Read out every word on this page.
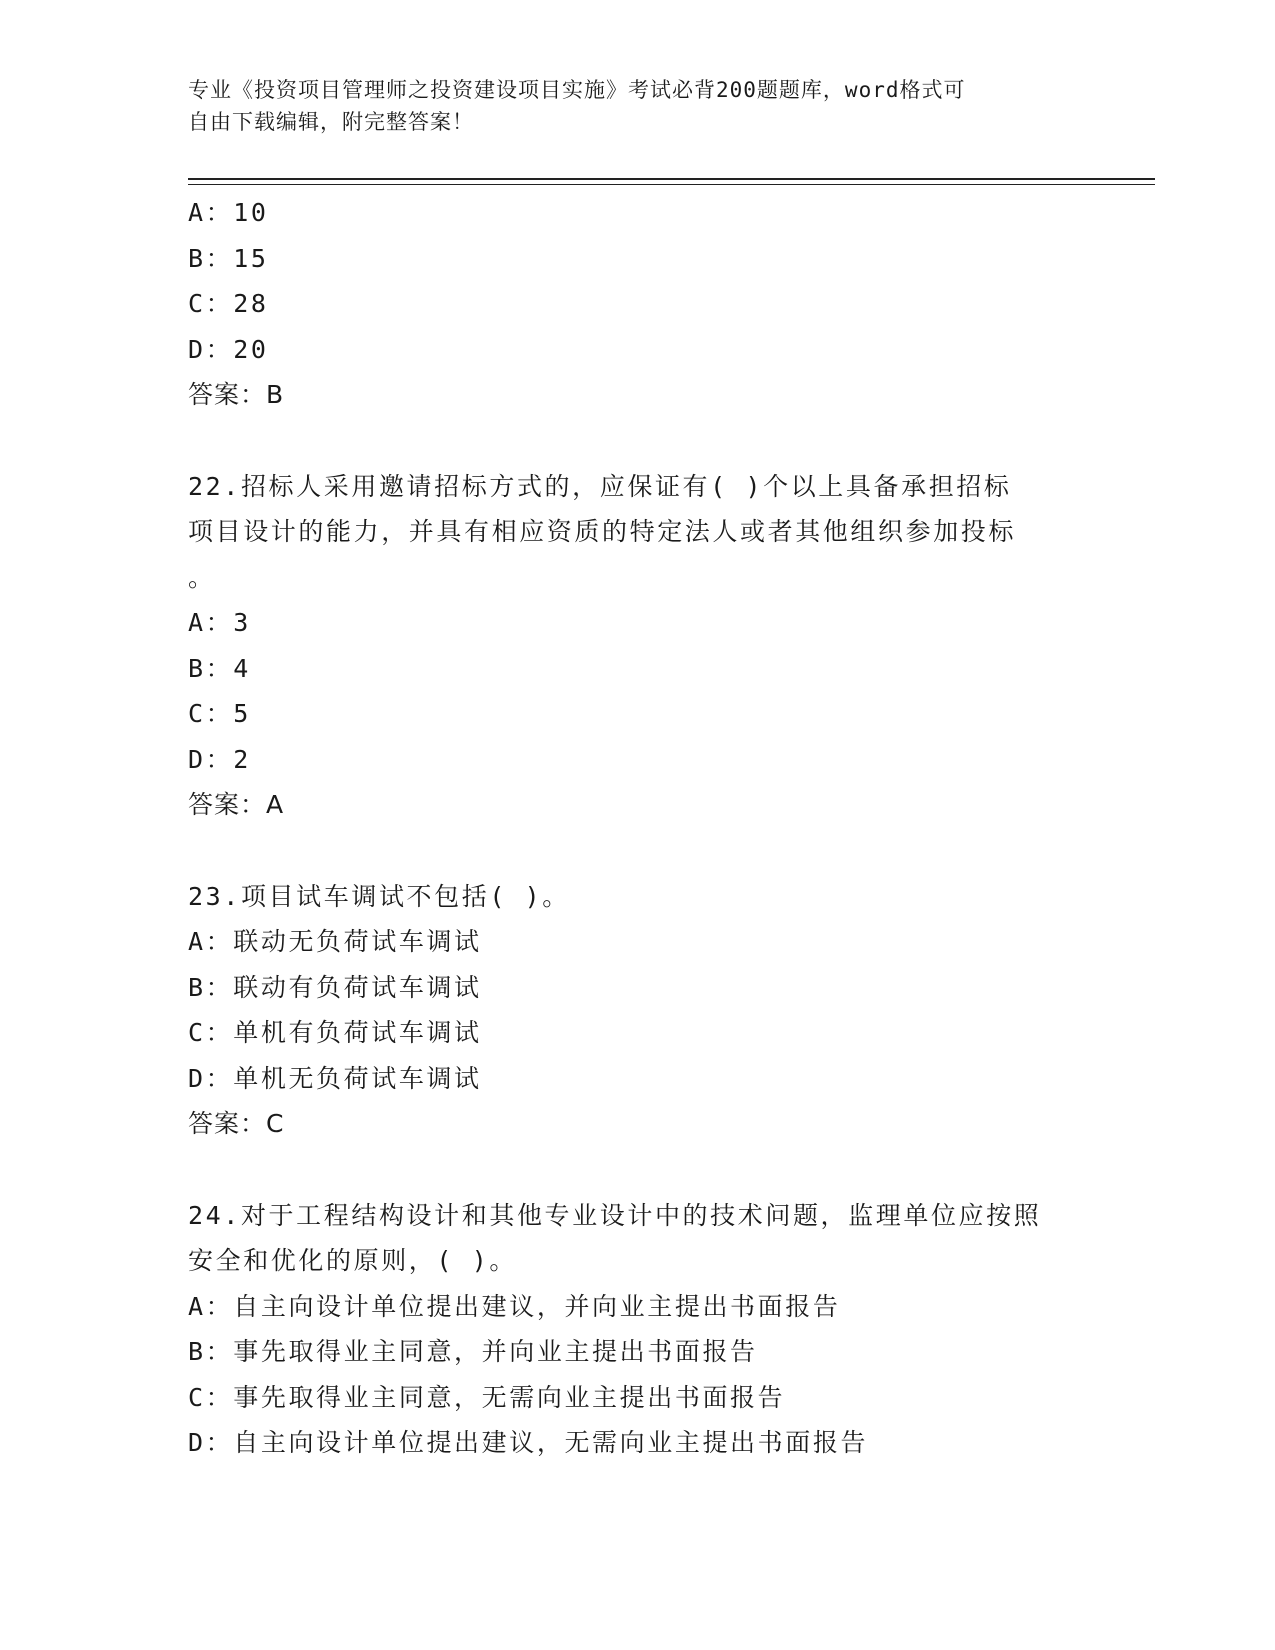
专业《投资项目管理师之投资建设项目实施》考试必背200题题库，word格式可
自由下载编辑，附完整答案！
A：10
B：15
C：28
D：20
答案：B
22.招标人采用邀请招标方式的，应保证有( )个以上具备承担招标
项目设计的能力，并具有相应资质的特定法人或者其他组织参加投标
。
A：3
B：4
C：5
D：2
答案：A
23.项目试车调试不包括( )。
A：联动无负荷试车调试
B：联动有负荷试车调试
C：单机有负荷试车调试
D：单机无负荷试车调试
答案：C
24.对于工程结构设计和其他专业设计中的技术问题，监理单位应按照
安全和优化的原则，( )。
A：自主向设计单位提出建议，并向业主提出书面报告
B：事先取得业主同意，并向业主提出书面报告
C：事先取得业主同意，无需向业主提出书面报告
D：自主向设计单位提出建议，无需向业主提出书面报告
